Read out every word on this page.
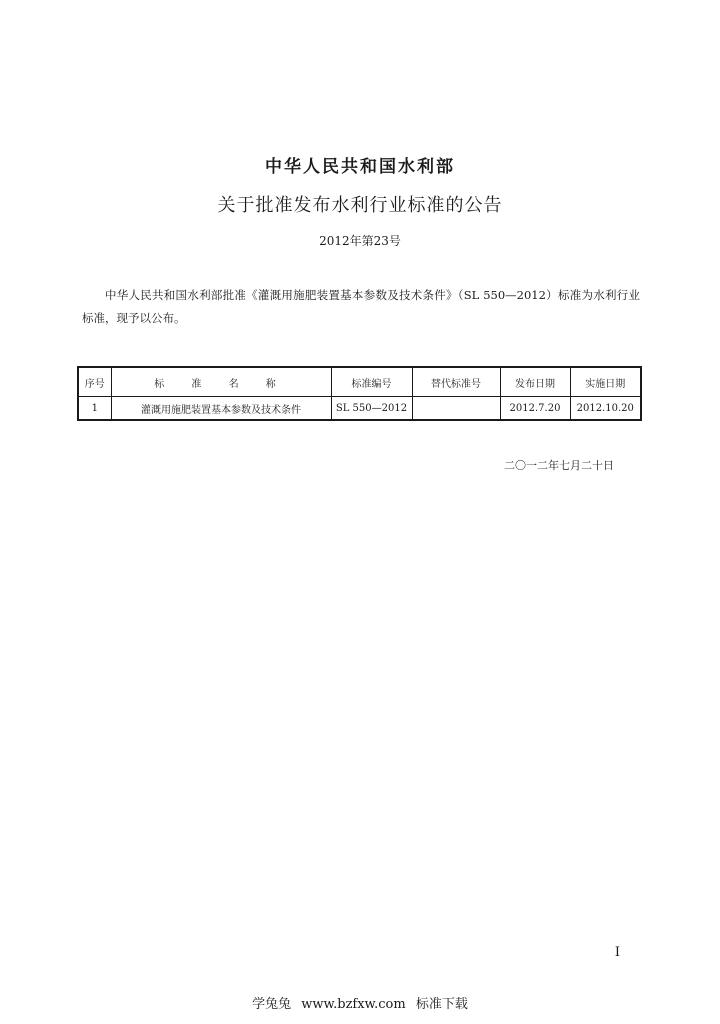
中华人民共和国水利部
关于批准发布水利行业标准的公告
2012年第23号

中华人民共和国水利部批准《灌溉用施肥装置基本参数及技术条件》（SL 550—2012）标准为水利行业标准，现予以公布。

序号	标 准 名 称	标准编号	替代标准号	发布日期	实施日期
1	灌溉用施肥装置基本参数及技术条件	SL 550—2012		2012.7.20	2012.10.20
二〇一二年七月二十日
I
学兔兔 www.bzfxw.com 标准下载
